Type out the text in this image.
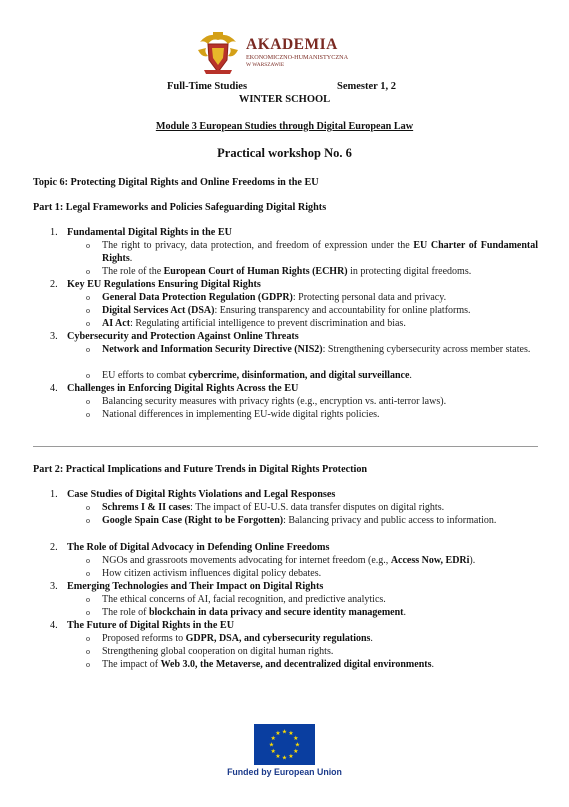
AKADEMIA
EKONOMICZNO-HUMANISTYCZNA
W WARSZAWIE
Full-Time Studies	Semester 1, 2
WINTER SCHOOL
Module 3 European Studies through Digital European Law
Practical workshop No. 6
Topic 6: Protecting Digital Rights and Online Freedoms in the EU
Part 1: Legal Frameworks and Policies Safeguarding Digital Rights
1. Fundamental Digital Rights in the EU
o The right to privacy, data protection, and freedom of expression under the EU Charter of Fundamental Rights.
o The role of the European Court of Human Rights (ECHR) in protecting digital freedoms.
2. Key EU Regulations Ensuring Digital Rights
o General Data Protection Regulation (GDPR): Protecting personal data and privacy.
o Digital Services Act (DSA): Ensuring transparency and accountability for online platforms.
o AI Act: Regulating artificial intelligence to prevent discrimination and bias.
3. Cybersecurity and Protection Against Online Threats
o Network and Information Security Directive (NIS2): Strengthening cybersecurity across member states.
o EU efforts to combat cybercrime, disinformation, and digital surveillance.
4. Challenges in Enforcing Digital Rights Across the EU
o Balancing security measures with privacy rights (e.g., encryption vs. anti-terror laws).
o National differences in implementing EU-wide digital rights policies.
Part 2: Practical Implications and Future Trends in Digital Rights Protection
1. Case Studies of Digital Rights Violations and Legal Responses
o Schrems I & II cases: The impact of EU-U.S. data transfer disputes on digital rights.
o Google Spain Case (Right to be Forgotten): Balancing privacy and public access to information.
2. The Role of Digital Advocacy in Defending Online Freedoms
o NGOs and grassroots movements advocating for internet freedom (e.g., Access Now, EDRi).
o How citizen activism influences digital policy debates.
3. Emerging Technologies and Their Impact on Digital Rights
o The ethical concerns of AI, facial recognition, and predictive analytics.
o The role of blockchain in data privacy and secure identity management.
4. The Future of Digital Rights in the EU
o Proposed reforms to GDPR, DSA, and cybersecurity regulations.
o Strengthening global cooperation on digital human rights.
o The impact of Web 3.0, the Metaverse, and decentralized digital environments.
★ ★
★
★
★
★
★
★
★
★
★
★
Funded by European Union
